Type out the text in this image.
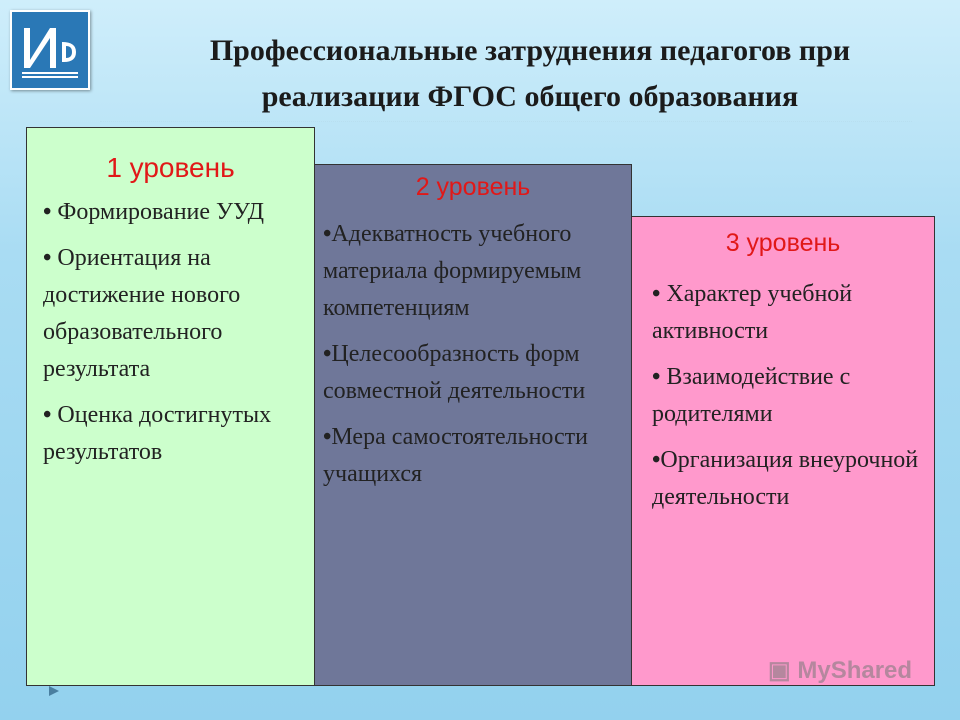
Профессиональные затруднения педагогов при
реализации ФГОС общего образования
1 уровень
• Формирование УУД
• Ориентация на достижение нового образовательного результата
• Оценка достигнутых результатов
2 уровень
•Адекватность учебного материала формируемым компетенциям
•Целесообразность форм совместной деятельности
•Мера самостоятельности учащихся
3 уровень
• Характер учебной активности
• Взаимодействие с родителями
•Организация внеурочной деятельности
▣ MyShared
